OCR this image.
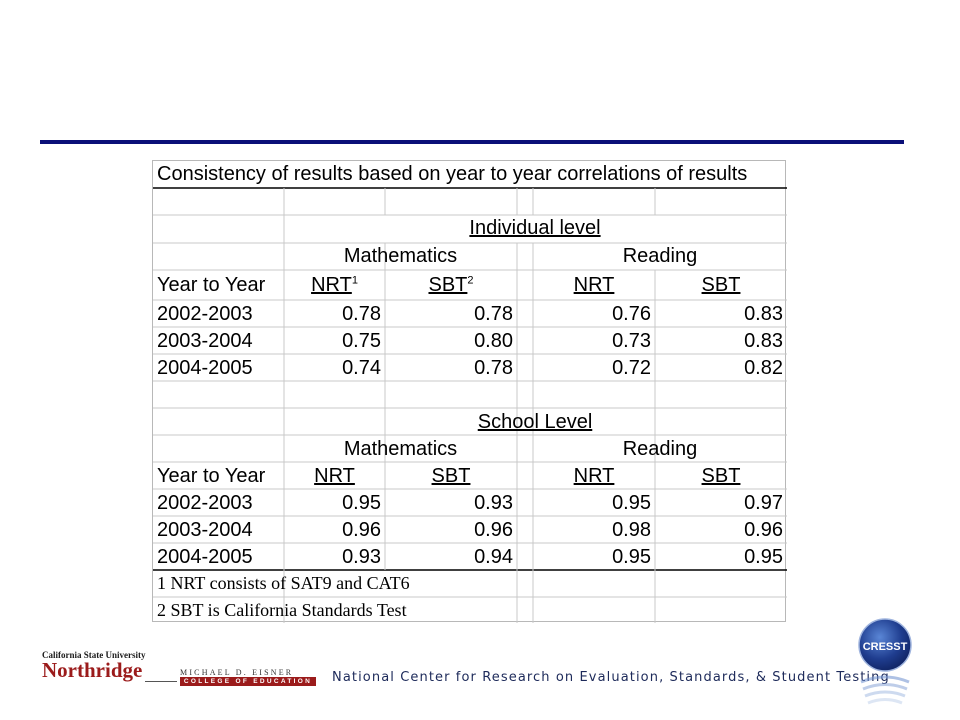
Consistency of results based on year to year correlations of results
Individual level
Mathematics	Reading
Year to Year	NRT$^1$	SBT$^2$	NRT	SBT
2002-2003	0.78	0.78	0.76	0.83
2003-2004	0.75	0.80	0.73	0.83
2004-2005	0.74	0.78	0.72	0.82
School Level
Mathematics	Reading
Year to Year	NRT	SBT	NRT	SBT
2002-2003	0.95	0.93	0.95	0.97
2003-2004	0.96	0.96	0.98	0.96
2004-2005	0.93	0.94	0.95	0.95
1 NRT consists of SAT9 and CAT6
2 SBT is California Standards Test
California State University
Northridge	MICHAEL D. EISNER
COLLEGE OF EDUCATION National Center for Research on Evaluation, Standards, & Student Testing
CRESST
